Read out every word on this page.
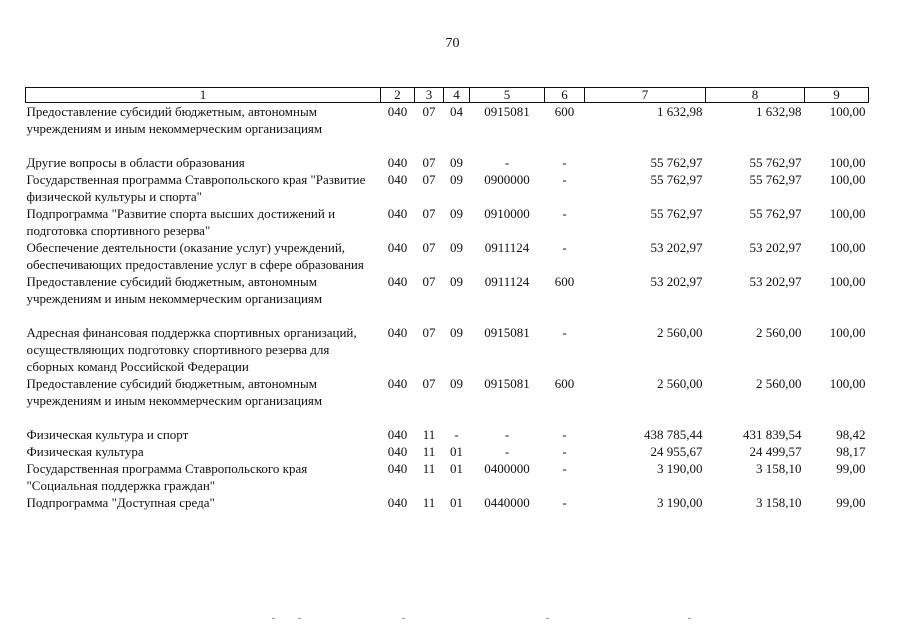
70
1	2	3	4	5	6	7	8	9
Предоставление субсидий бюджетным, автономным учреждениям и иным некоммерческим организациям	040	07	04	0915081	600	1 632,98	1 632,98	100,00

Другие вопросы в области образования	040	07	09	-	-	55 762,97	55 762,97	100,00
Государственная программа Ставропольского края "Развитие физической культуры и спорта"	040	07	09	0900000	-	55 762,97	55 762,97	100,00
Подпрограмма "Развитие спорта высших достижений и подготовка спортивного резерва"	040	07	09	0910000	-	55 762,97	55 762,97	100,00
Обеспечение деятельности (оказание услуг) учреждений, обеспечивающих предоставление услуг в сфере образования	040	07	09	0911124	-	53 202,97	53 202,97	100,00
Предоставление субсидий бюджетным, автономным учреждениям и иным некоммерческим организациям	040	07	09	0911124	600	53 202,97	53 202,97	100,00

Адресная финансовая поддержка спортивных организаций, осуществляющих подготовку спортивного резерва для сборных команд Российской Федерации	040	07	09	0915081	-	2 560,00	2 560,00	100,00
Предоставление субсидий бюджетным, автономным учреждениям и иным некоммерческим организациям	040	07	09	0915081	600	2 560,00	2 560,00	100,00

Физическая культура и спорт	040	11	-	-	-	438 785,44	431 839,54	98,42
Физическая культура	040	11	01	-	-	24 955,67	24 499,57	98,17
Государственная программа Ставропольского края "Социальная поддержка граждан"	040	11	01	0400000	-	3 190,00	3 158,10	99,00
Подпрограмма "Доступная среда"	040	11	01	0440000	-	3 190,00	3 158,10	99,00
